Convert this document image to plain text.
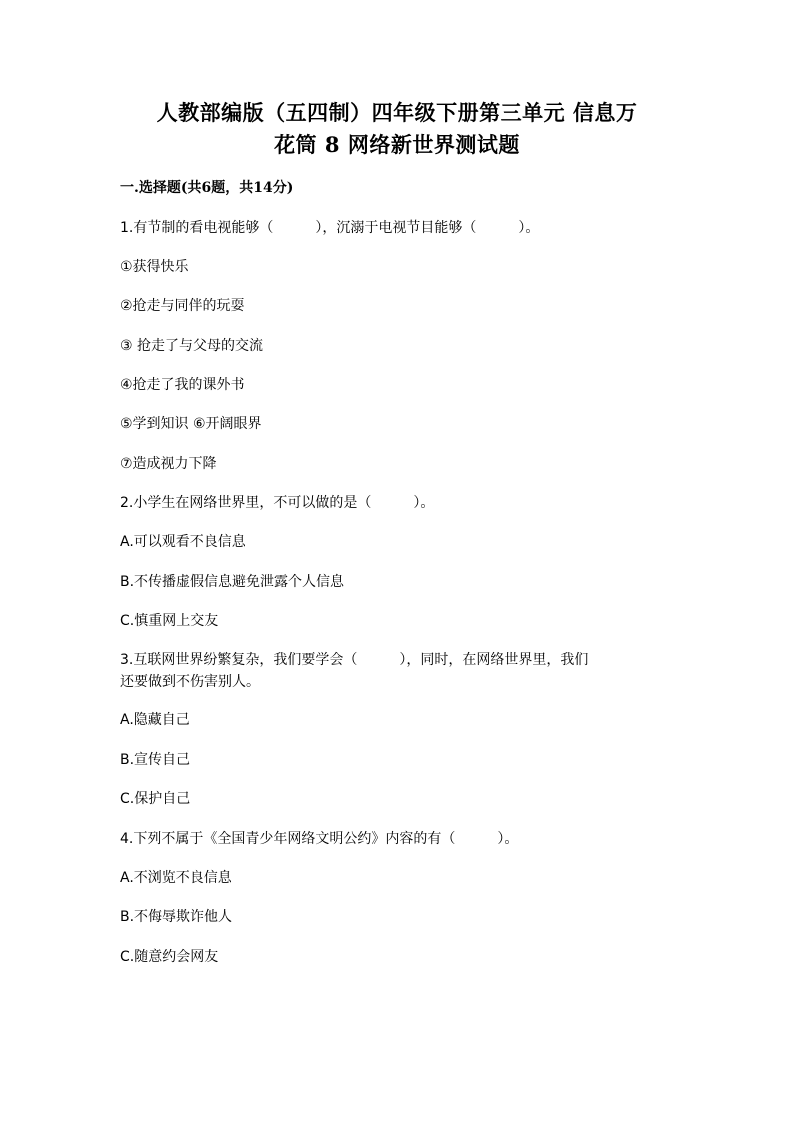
人教部编版（五四制）四年级下册第三单元 信息万
花筒 8 网络新世界测试题
一.选择题(共6题，共14分)
1.有节制的看电视能够（　　　），沉溺于电视节目能够（　　　）。
①获得快乐
②抢走与同伴的玩耍
③ 抢走了与父母的交流
④抢走了我的课外书
⑤学到知识 ⑥开阔眼界
⑦造成视力下降
2.小学生在网络世界里，不可以做的是（　　　）。
A.可以观看不良信息
B.不传播虚假信息避免泄露个人信息
C.慎重网上交友
3.互联网世界纷繁复杂，我们要学会（　　　），同时，在网络世界里，我们
还要做到不伤害别人。
A.隐藏自己
B.宣传自己
C.保护自己
4.下列不属于《全国青少年网络文明公约》内容的有（　　　）。
A.不浏览不良信息
B.不侮辱欺诈他人
C.随意约会网友
